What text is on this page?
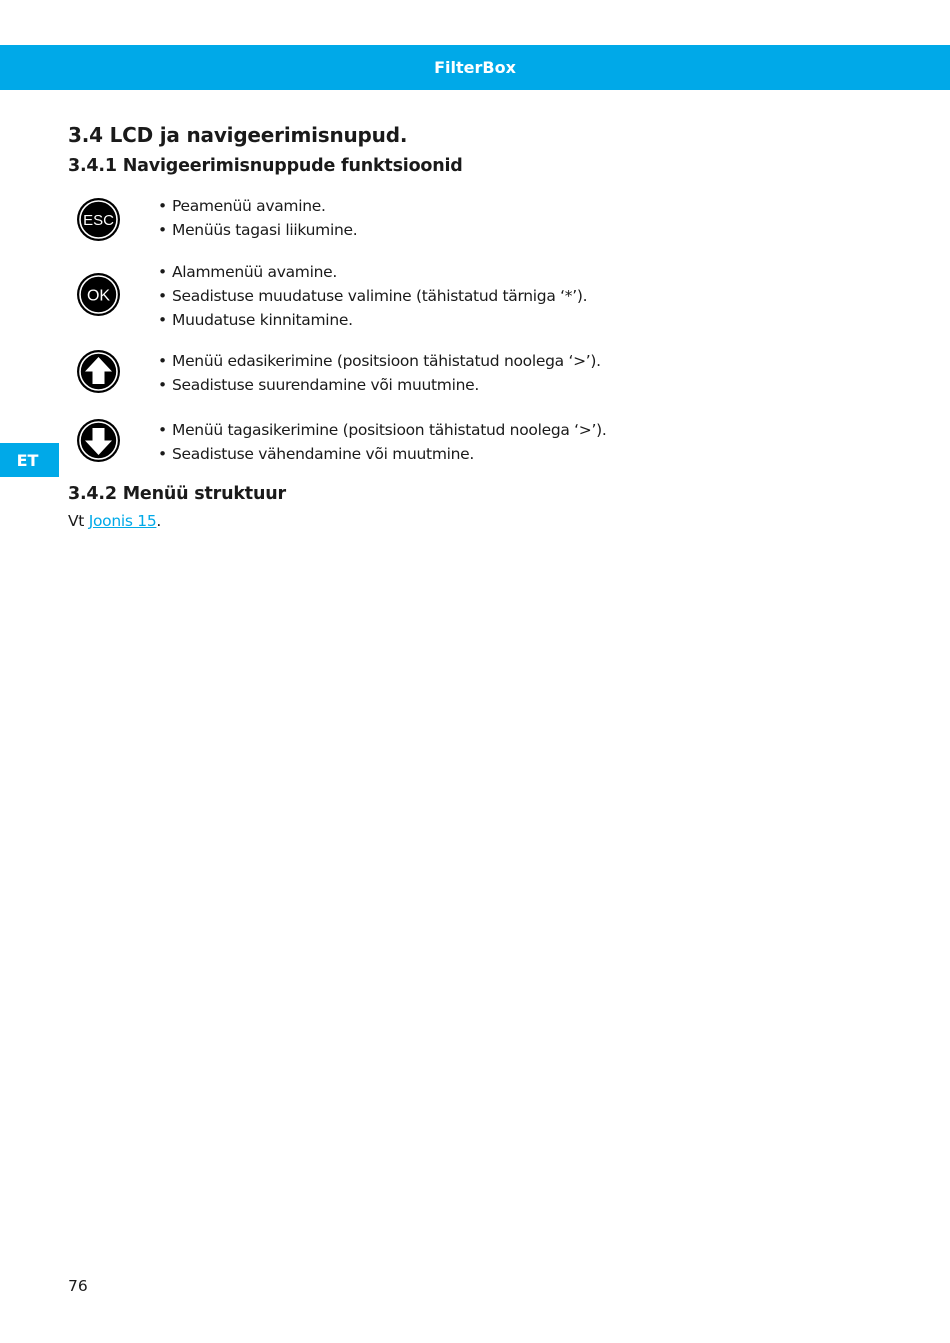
FilterBox
ET
3.4 LCD ja navigeerimisnupud.
3.4.1 Navigeerimisnuppude funktsioonid
ESC
• Peamenüü avamine.
• Menüüs tagasi liikumine.
OK
• Alammenüü avamine.
• Seadistuse muudatuse valimine (tähistatud tärniga ‘*’).
• Muudatuse kinnitamine.
• Menüü edasikerimine (positsioon tähistatud noolega ‘>’).
• Seadistuse suurendamine või muutmine.
• Menüü tagasikerimine (positsioon tähistatud noolega ‘>’).
• Seadistuse vähendamine või muutmine.
3.4.2 Menüü struktuur
Vt Joonis 15.
76
